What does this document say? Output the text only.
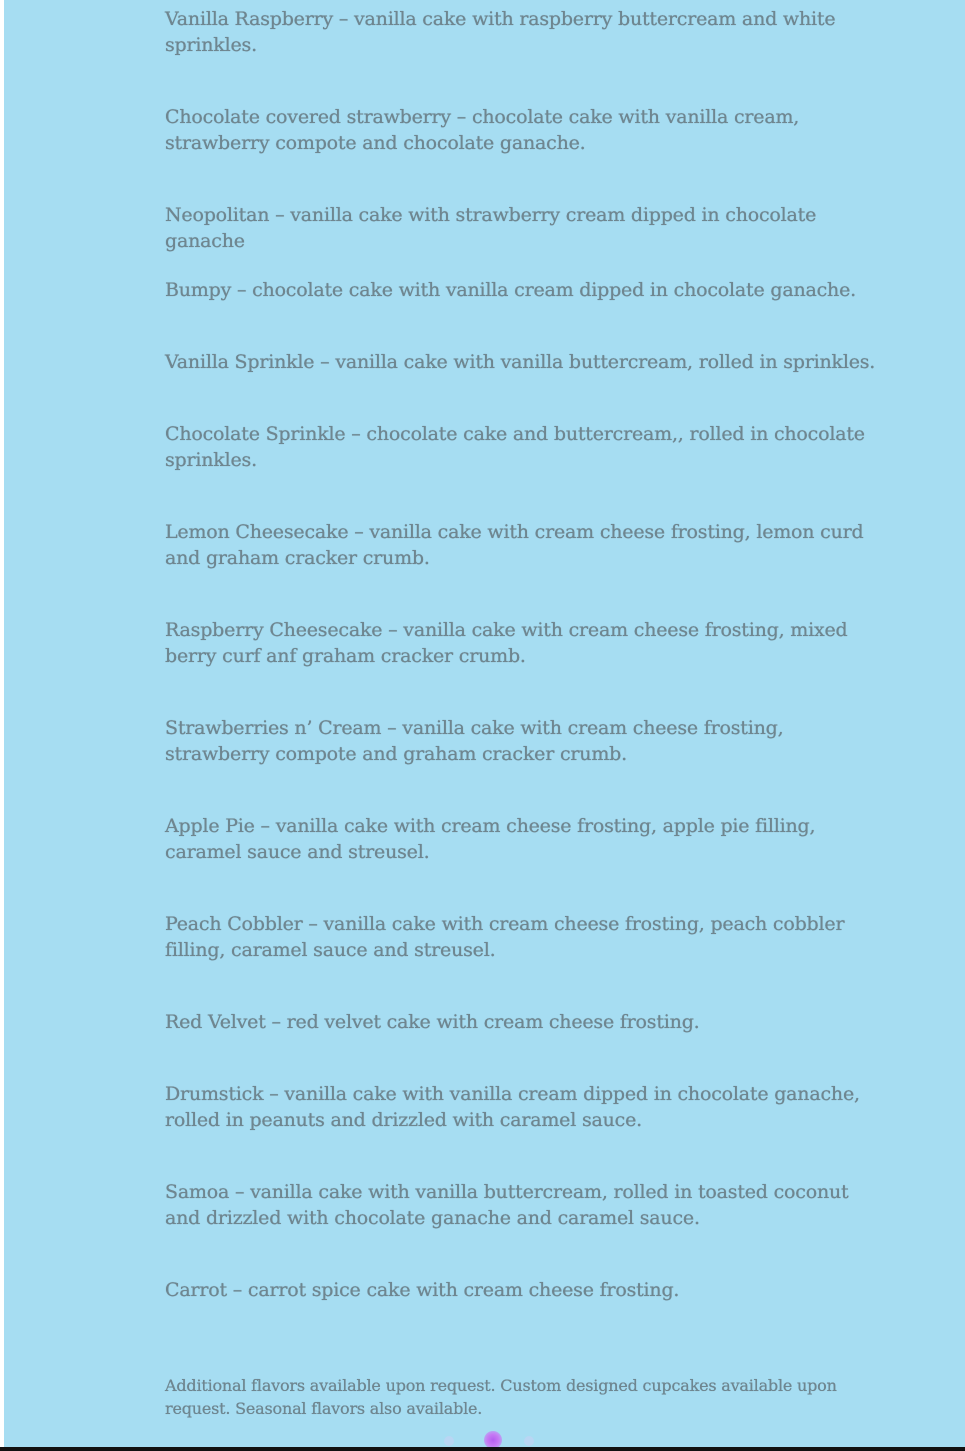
Vanilla Raspberry – vanilla cake with raspberry buttercream and white sprinkles.

Chocolate covered strawberry – chocolate cake with vanilla cream, strawberry compote and chocolate ganache.

Neopolitan – vanilla cake with strawberry cream dipped in chocolate ganache

Bumpy – chocolate cake with vanilla cream dipped in chocolate ganache.

Vanilla Sprinkle – vanilla cake with vanilla buttercream, rolled in sprinkles.

Chocolate Sprinkle – chocolate cake and buttercream,, rolled in chocolate sprinkles.

Lemon Cheesecake – vanilla cake with cream cheese frosting, lemon curd and graham cracker crumb.

Raspberry Cheesecake – vanilla cake with cream cheese frosting, mixed berry curf anf graham cracker crumb.

Strawberries n’ Cream – vanilla cake with cream cheese frosting, strawberry compote and graham cracker crumb.

Apple Pie – vanilla cake with cream cheese frosting, apple pie filling, caramel sauce and streusel.

Peach Cobbler – vanilla cake with cream cheese frosting, peach cobbler filling, caramel sauce and streusel.

Red Velvet – red velvet cake with cream cheese frosting.

Drumstick – vanilla cake with vanilla cream dipped in chocolate ganache, rolled in peanuts and drizzled with caramel sauce.

Samoa – vanilla cake with vanilla buttercream, rolled in toasted coconut and drizzled with chocolate ganache and caramel sauce.

Carrot – carrot spice cake with cream cheese frosting.

Additional flavors available upon request. Custom designed cupcakes available upon request. Seasonal flavors also available.
